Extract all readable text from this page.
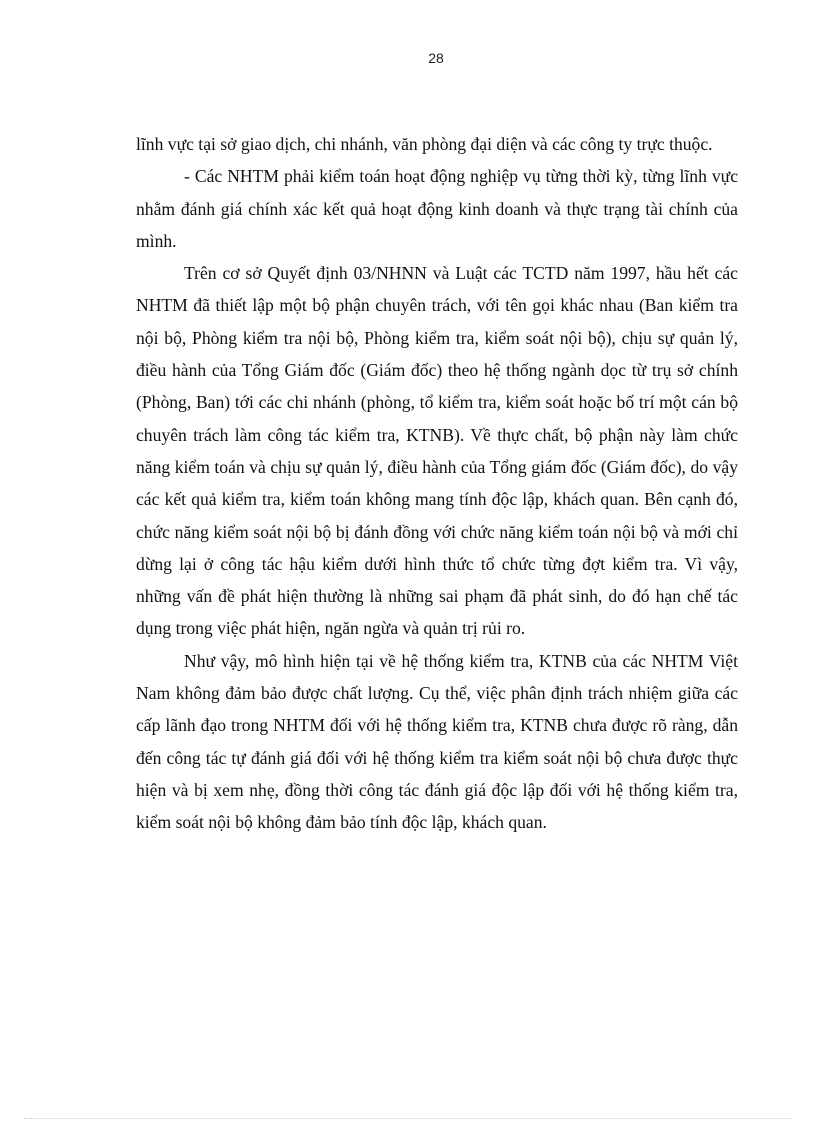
28

lĩnh vực tại sở giao dịch, chi nhánh, văn phòng đại diện và các công ty trực thuộc.

- Các NHTM phải kiểm toán hoạt động nghiệp vụ từng thời kỳ, từng lĩnh vực nhằm đánh giá chính xác kết quả hoạt động kinh doanh và thực trạng tài chính của mình.

Trên cơ sở Quyết định 03/NHNN và Luật các TCTD năm 1997, hầu hết các NHTM đã thiết lập một bộ phận chuyên trách, với tên gọi khác nhau (Ban kiểm tra nội bộ, Phòng kiểm tra nội bộ, Phòng kiểm tra, kiểm soát nội bộ), chịu sự quản lý, điều hành của Tổng Giám đốc (Giám đốc) theo hệ thống ngành dọc từ trụ sở chính (Phòng, Ban) tới các chi nhánh (phòng, tổ kiểm tra, kiểm soát hoặc bố trí một cán bộ chuyên trách làm công tác kiểm tra, KTNB). Về thực chất, bộ phận này làm chức năng kiểm toán và chịu sự quản lý, điều hành của Tổng giám đốc (Giám đốc), do vậy các kết quả kiểm tra, kiểm toán không mang tính độc lập, khách quan. Bên cạnh đó, chức năng kiểm soát nội bộ bị đánh đồng với chức năng kiểm toán nội bộ và mới chỉ dừng lại ở công tác hậu kiểm dưới hình thức tổ chức từng đợt kiểm tra. Vì vậy, những vấn đề phát hiện thường là những sai phạm đã phát sinh, do đó hạn chế tác dụng trong việc phát hiện, ngăn ngừa và quản trị rủi ro.

Như vậy, mô hình hiện tại về hệ thống kiểm tra, KTNB của các NHTM Việt Nam không đảm bảo được chất lượng. Cụ thể, việc phân định trách nhiệm giữa các cấp lãnh đạo trong NHTM đối với hệ thống kiểm tra, KTNB chưa được rõ ràng, dẫn đến công tác tự đánh giá đối với hệ thống kiểm tra kiểm soát nội bộ chưa được thực hiện và bị xem nhẹ, đồng thời công tác đánh giá độc lập đối với hệ thống kiểm tra, kiểm soát nội bộ không đảm bảo tính độc lập, khách quan.
